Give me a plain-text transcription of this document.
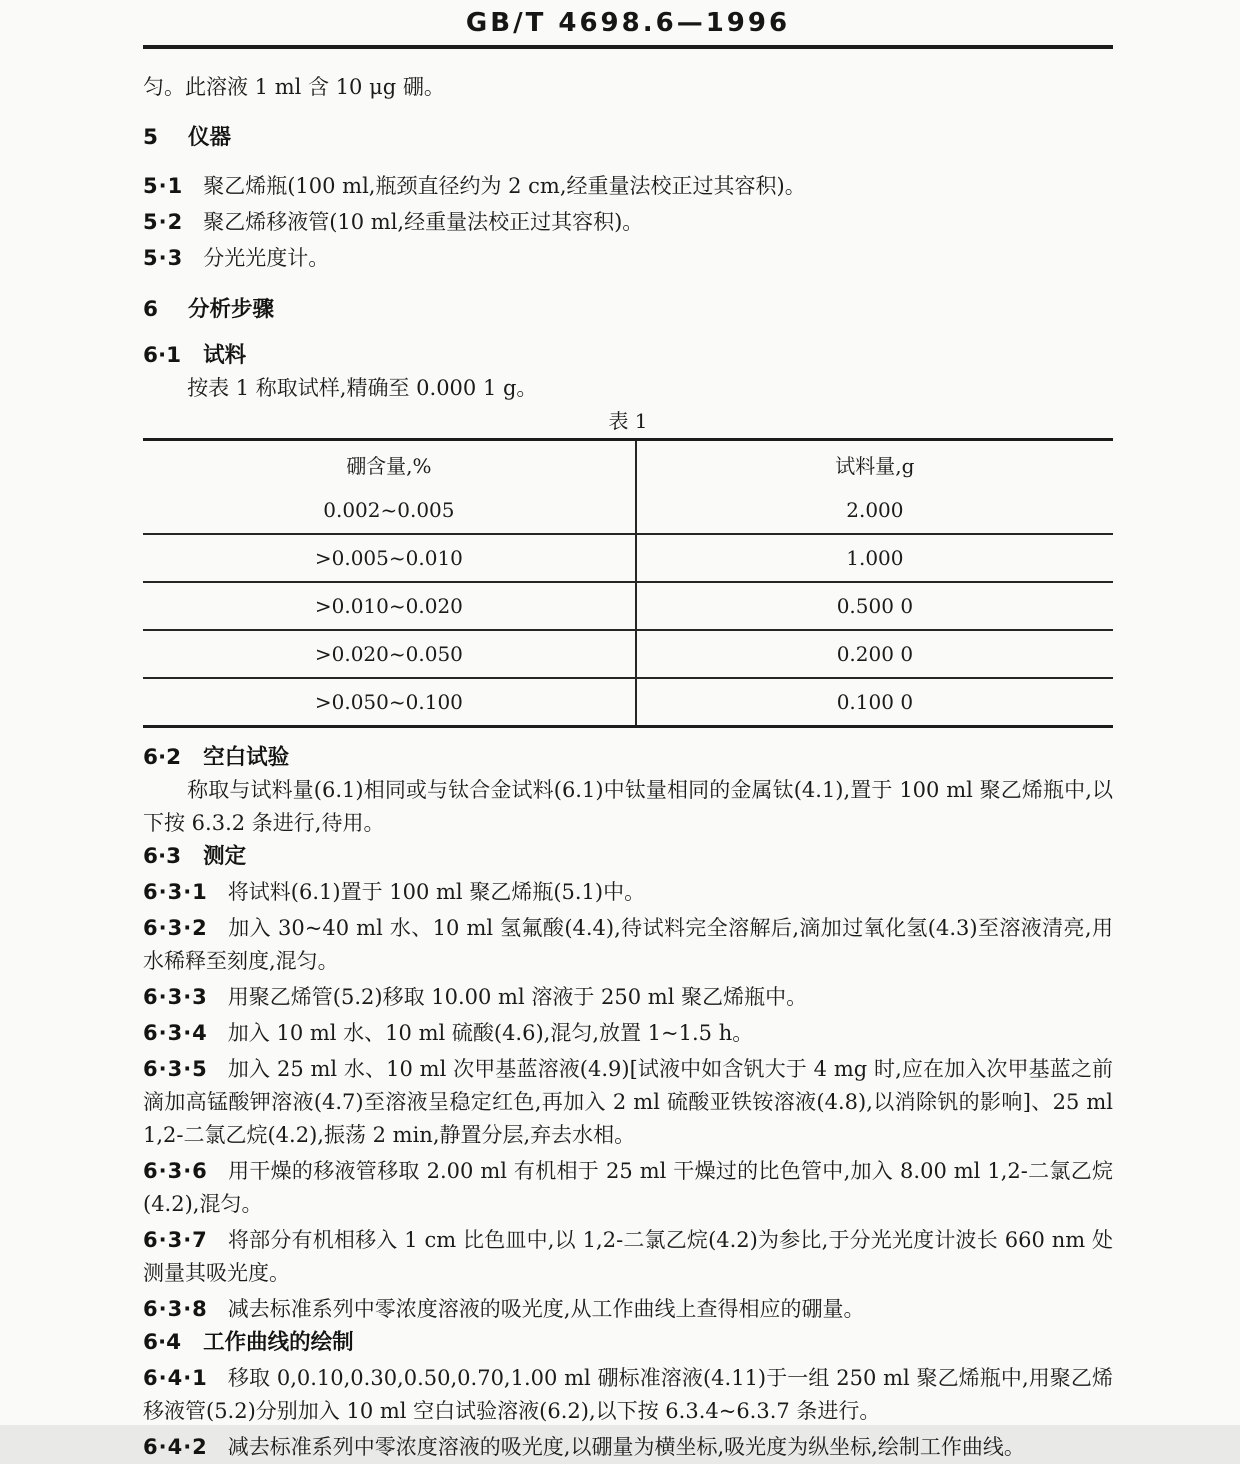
GB/T 4698.6—1996

匀。此溶液 1 ml 含 10 μg 硼。

5 仪器

5·1 聚乙烯瓶(100 ml,瓶颈直径约为 2 cm,经重量法校正过其容积)。

5·2 聚乙烯移液管(10 ml,经重量法校正过其容积)。

5·3 分光光度计。

6 分析步骤

6·1 试料

按表 1 称取试样,精确至 0.000 1 g。

表 1
硼含量,%	试料量,g
0.002~0.005	2.000
>0.005~0.010	1.000
>0.010~0.020	0.500 0
>0.020~0.050	0.200 0
>0.050~0.100	0.100 0

6·2 空白试验

称取与试料量(6.1)相同或与钛合金试料(6.1)中钛量相同的金属钛(4.1),置于 100 ml 聚乙烯瓶中,以下按 6.3.2 条进行,待用。

6·3 测定

6·3·1 将试料(6.1)置于 100 ml 聚乙烯瓶(5.1)中。

6·3·2 加入 30~40 ml 水、10 ml 氢氟酸(4.4),待试料完全溶解后,滴加过氧化氢(4.3)至溶液清亮,用水稀释至刻度,混匀。

6·3·3 用聚乙烯管(5.2)移取 10.00 ml 溶液于 250 ml 聚乙烯瓶中。

6·3·4 加入 10 ml 水、10 ml 硫酸(4.6),混匀,放置 1~1.5 h。

6·3·5 加入 25 ml 水、10 ml 次甲基蓝溶液(4.9)[试液中如含钒大于 4 mg 时,应在加入次甲基蓝之前滴加高锰酸钾溶液(4.7)至溶液呈稳定红色,再加入 2 ml 硫酸亚铁铵溶液(4.8),以消除钒的影响]、25 ml 1,2-二氯乙烷(4.2),振荡 2 min,静置分层,弃去水相。

6·3·6 用干燥的移液管移取 2.00 ml 有机相于 25 ml 干燥过的比色管中,加入 8.00 ml 1,2-二氯乙烷(4.2),混匀。

6·3·7 将部分有机相移入 1 cm 比色皿中,以 1,2-二氯乙烷(4.2)为参比,于分光光度计波长 660 nm 处测量其吸光度。

6·3·8 减去标准系列中零浓度溶液的吸光度,从工作曲线上查得相应的硼量。

6·4 工作曲线的绘制

6·4·1 移取 0,0.10,0.30,0.50,0.70,1.00 ml 硼标准溶液(4.11)于一组 250 ml 聚乙烯瓶中,用聚乙烯移液管(5.2)分别加入 10 ml 空白试验溶液(6.2),以下按 6.3.4~6.3.7 条进行。

6·4·2 减去标准系列中零浓度溶液的吸光度,以硼量为横坐标,吸光度为纵坐标,绘制工作曲线。
